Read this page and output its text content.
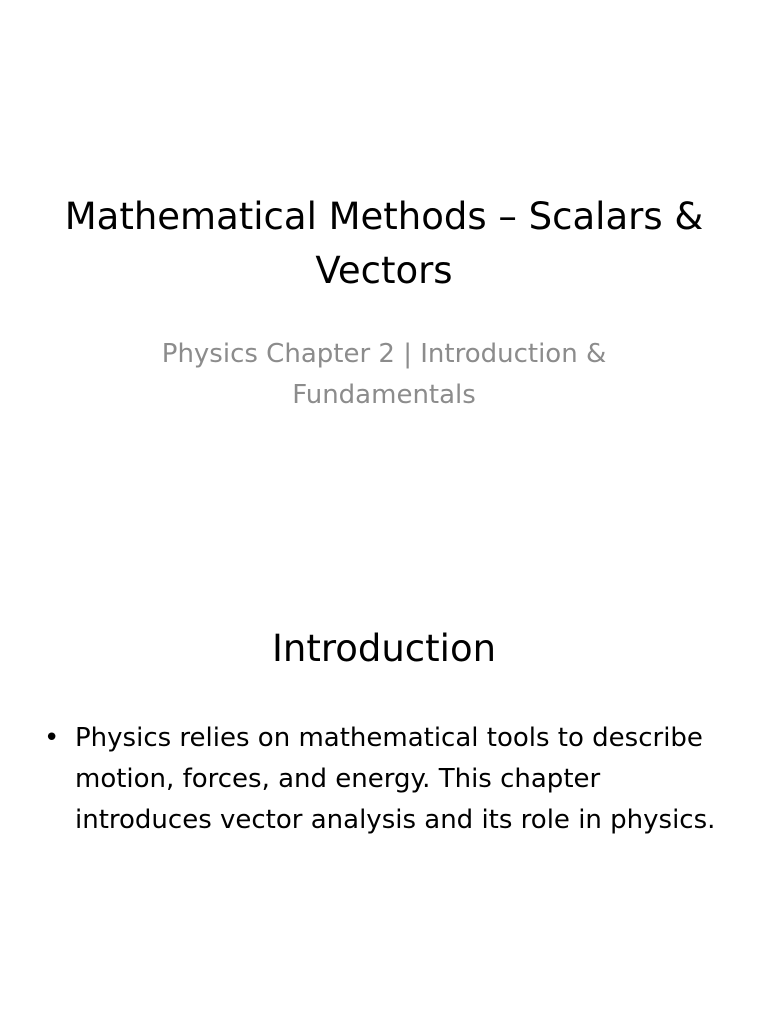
Mathematical Methods – Scalars & Vectors

Physics Chapter 2 | Introduction & Fundamentals

Introduction
• Physics relies on mathematical tools to describe motion, forces, and energy. This chapter introduces vector analysis and its role in physics.
